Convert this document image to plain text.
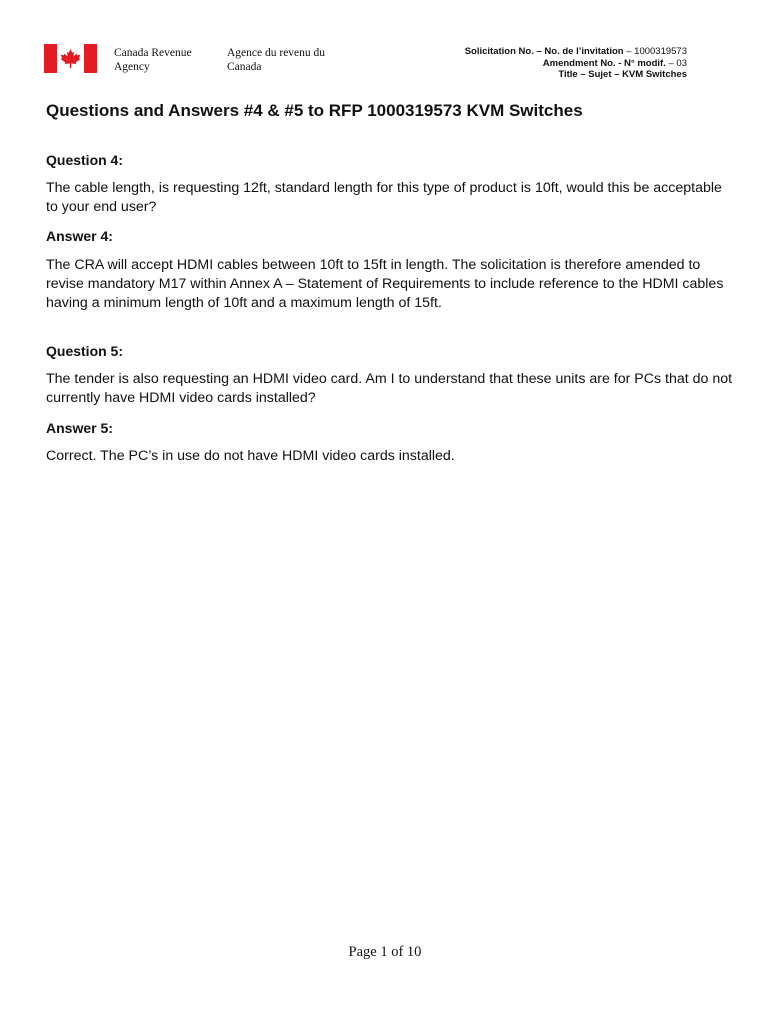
Canada Revenue Agency
Agence du revenu du Canada
Solicitation No. – No. de l’invitation – 1000319573
Amendment No. - N° modif. – 03
Title – Sujet – KVM Switches
Questions and Answers #4 & #5 to RFP 1000319573 KVM Switches
Question 4:

The cable length, is requesting 12ft, standard length for this type of product is 10ft, would this be acceptable to your end user?

Answer 4:

The CRA will accept HDMI cables between 10ft to 15ft in length. The solicitation is therefore amended to revise mandatory M17 within Annex A – Statement of Requirements to include reference to the HDMI cables having a minimum length of 10ft and a maximum length of 15ft.

Question 5:

The tender is also requesting an HDMI video card. Am I to understand that these units are for PCs that do not currently have HDMI video cards installed?

Answer 5:

Correct. The PC’s in use do not have HDMI video cards installed.

Page 1 of 10
